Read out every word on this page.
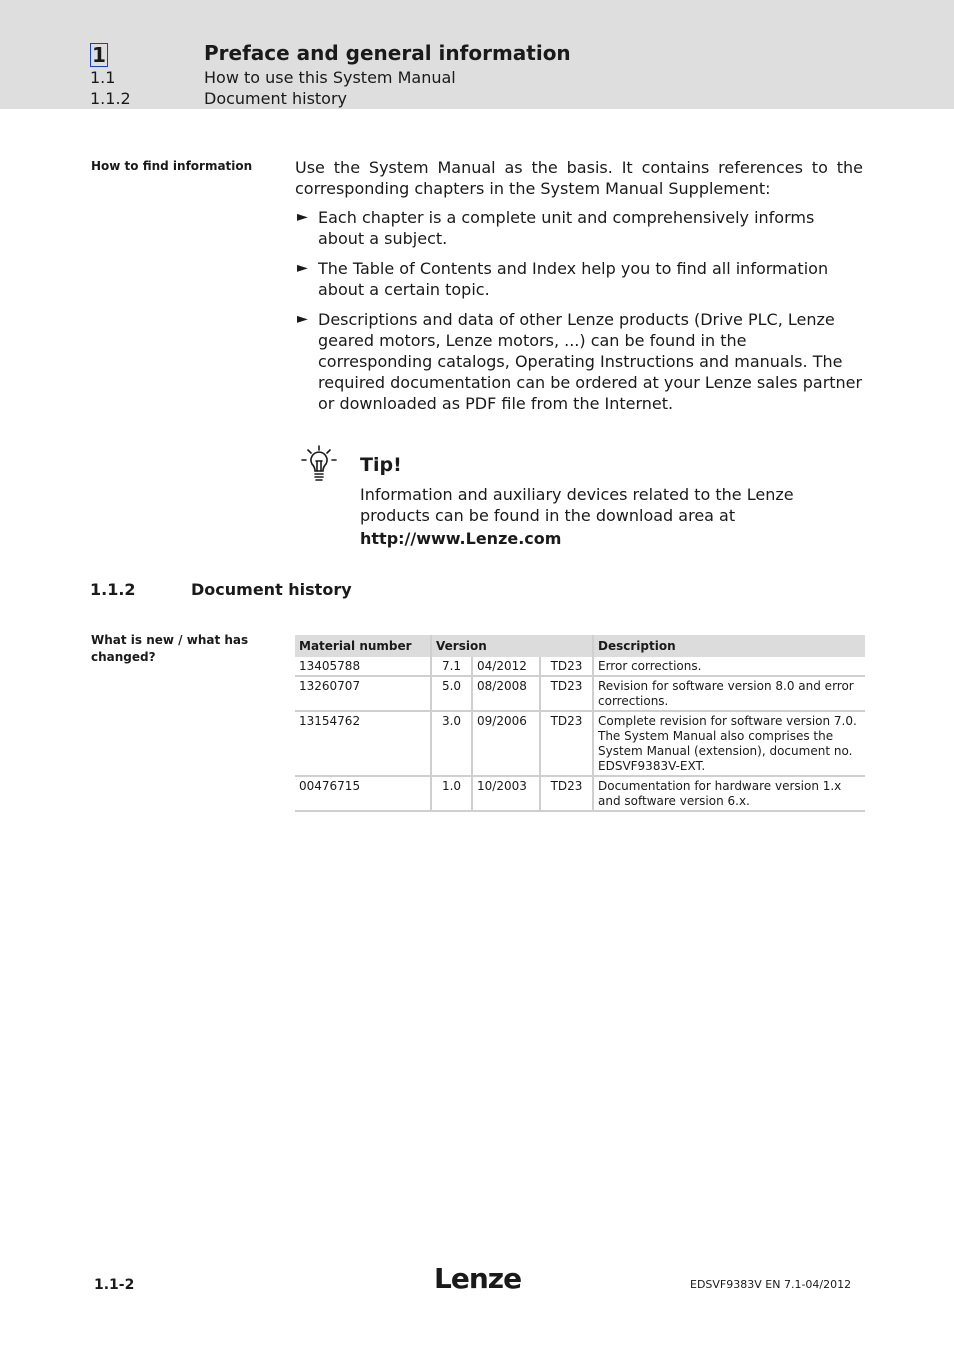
1	Preface and general information
1.1	How to use this System Manual
1.1.2	Document history
How to find information	Use the System Manual as the basis. It contains references to the corresponding chapters in the System Manual Supplement:
► Each chapter is a complete unit and comprehensively informs about a subject.
► The Table of Contents and Index help you to find all information about a certain topic.
► Descriptions and data of other Lenze products (Drive PLC, Lenze geared motors, Lenze motors, ...) can be found in the corresponding catalogs, Operating Instructions and manuals. The required documentation can be ordered at your Lenze sales partner or downloaded as PDF file from the Internet.
Tip!
Information and auxiliary devices related to the Lenze products can be found in the download area at
http://www.Lenze.com
1.1.2	Document history
What is new / what has changed?
Material number	Version			Description
13405788	7.1	04/2012	TD23	Error corrections.
13260707	5.0	08/2008	TD23	Revision for software version 8.0 and error corrections.
13154762	3.0	09/2006	TD23	Complete revision for software version 7.0. The System Manual also comprises the System Manual (extension), document no. EDSVF9383V-EXT.
00476715	1.0	10/2003	TD23	Documentation for hardware version 1.x and software version 6.x.
1.1-2	Lenze	EDSVF9383V EN 7.1-04/2012
